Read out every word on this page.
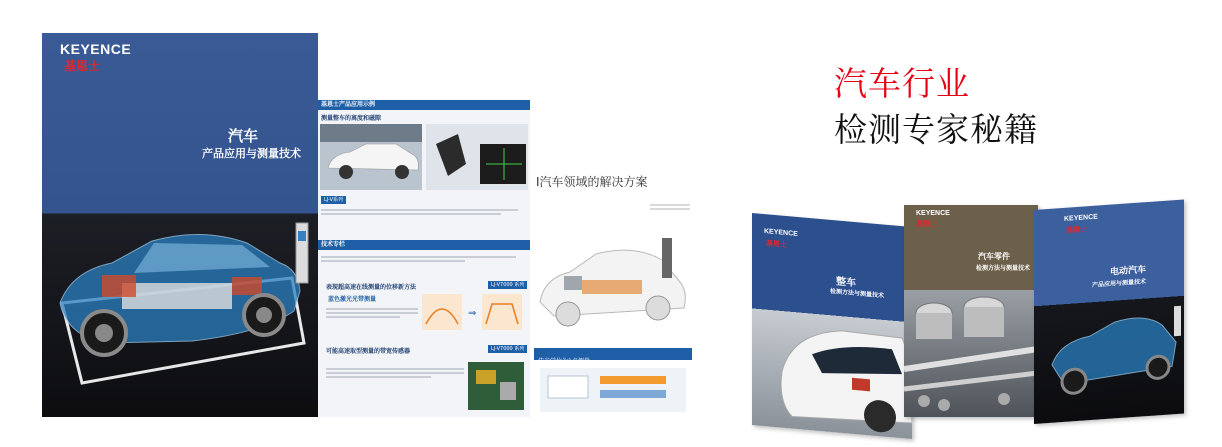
KEYENCE
基恩士
汽车
产品应用与测量技术
基恩士产品应用示例
测量整车的离度和磁隙
LJ-V系列
技术专栏
表现超高速在线测量的位移新方法	LJ-V7000 系列
蓝色激光光带测量
⇒
可能高速取型测量的带宽传感器	LJ-V7000 系列
I汽车领域的解决方案
传光学位为1点测量
汽车行业
检测专家秘籍
KEYENCE
基恩士
整车
检测方法与测量技术
KEYENCE
基恩士
汽车零件
检测方法与测量技术
KEYENCE
基恩士
电动汽车
产品应用与测量技术
